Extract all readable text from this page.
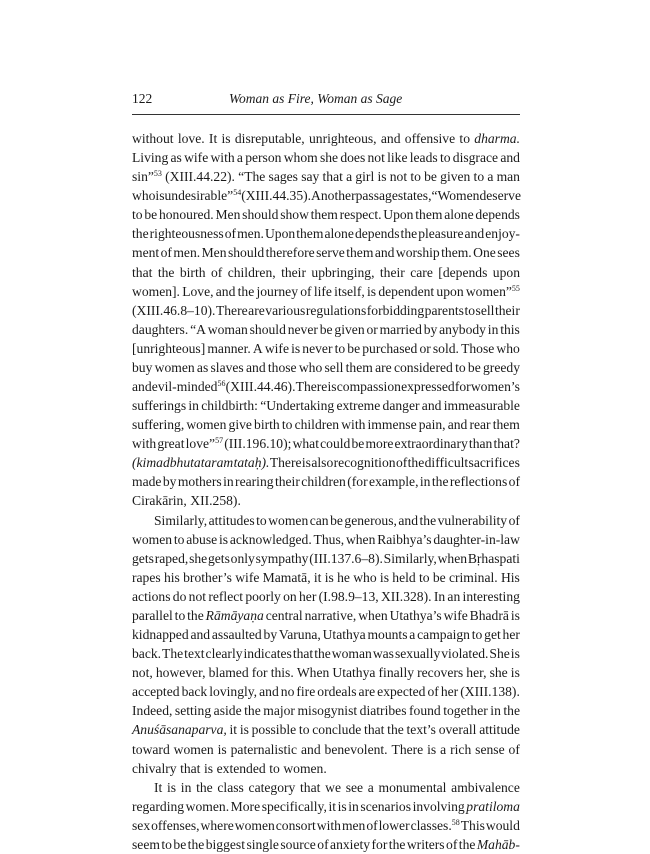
122	Woman as Fire, Woman as Sage
without love. It is disreputable, unrighteous, and offensive to dharma.
Living as wife with a person whom she does not like leads to disgrace and
sin”$^{53}$ (XIII.44.22). “The sages say that a girl is not to be given to a man
who is undesirable”$^{54}$ (XIII.44.35). Another passage states, “Women deserve
to be honoured. Men should show them respect. Upon them alone depends
the righteousness of men. Upon them alone depends the pleasure and enjoy-
ment of men. Men should therefore serve them and worship them. One sees
that the birth of children, their upbringing, their care [depends upon
women]. Love, and the journey of life itself, is dependent upon women”$^{55}$
(XIII.46.8–10). There are various regulations forbidding parents to sell their
daughters. “A woman should never be given or married by anybody in this
[unrighteous] manner. A wife is never to be purchased or sold. Those who
buy women as slaves and those who sell them are considered to be greedy
and evil-minded$^{56}$ (XIII.44.46). There is compassion expressed for women’s
sufferings in childbirth: “Undertaking extreme danger and immeasurable
suffering, women give birth to children with immense pain, and rear them
with great love”$^{57}$ (III.196.10); what could be more extraordinary than that?
(kimadbhutataram tataḥ). There is also recognition of the difficult sacrifices
made by mothers in rearing their children (for example, in the reflections of
Cirakārin, XII.258).
Similarly, attitudes to women can be generous, and the vulnerability of
women to abuse is acknowledged. Thus, when Raibhya’s daughter-in-law
gets raped, she gets only sympathy (III.137.6–8). Similarly, when Bṛhaspati
rapes his brother’s wife Mamatā, it is he who is held to be criminal. His
actions do not reflect poorly on her (I.98.9–13, XII.328). In an interesting
parallel to the Rāmāyaṇa central narrative, when Utathya’s wife Bhadrā is
kidnapped and assaulted by Varuna, Utathya mounts a campaign to get her
back. The text clearly indicates that the woman was sexually violated. She is
not, however, blamed for this. When Utathya finally recovers her, she is
accepted back lovingly, and no fire ordeals are expected of her (XIII.138).
Indeed, setting aside the major misogynist diatribes found together in the
Anuśāsanaparva, it is possible to conclude that the text’s overall attitude
toward women is paternalistic and benevolent. There is a rich sense of
chivalry that is extended to women.
It is in the class category that we see a monumental ambivalence
regarding women. More specifically, it is in scenarios involving pratiloma
sex offenses, where women consort with men of lower classes.$^{58}$ This would
seem to be the biggest single source of anxiety for the writers of the Mahāb-
